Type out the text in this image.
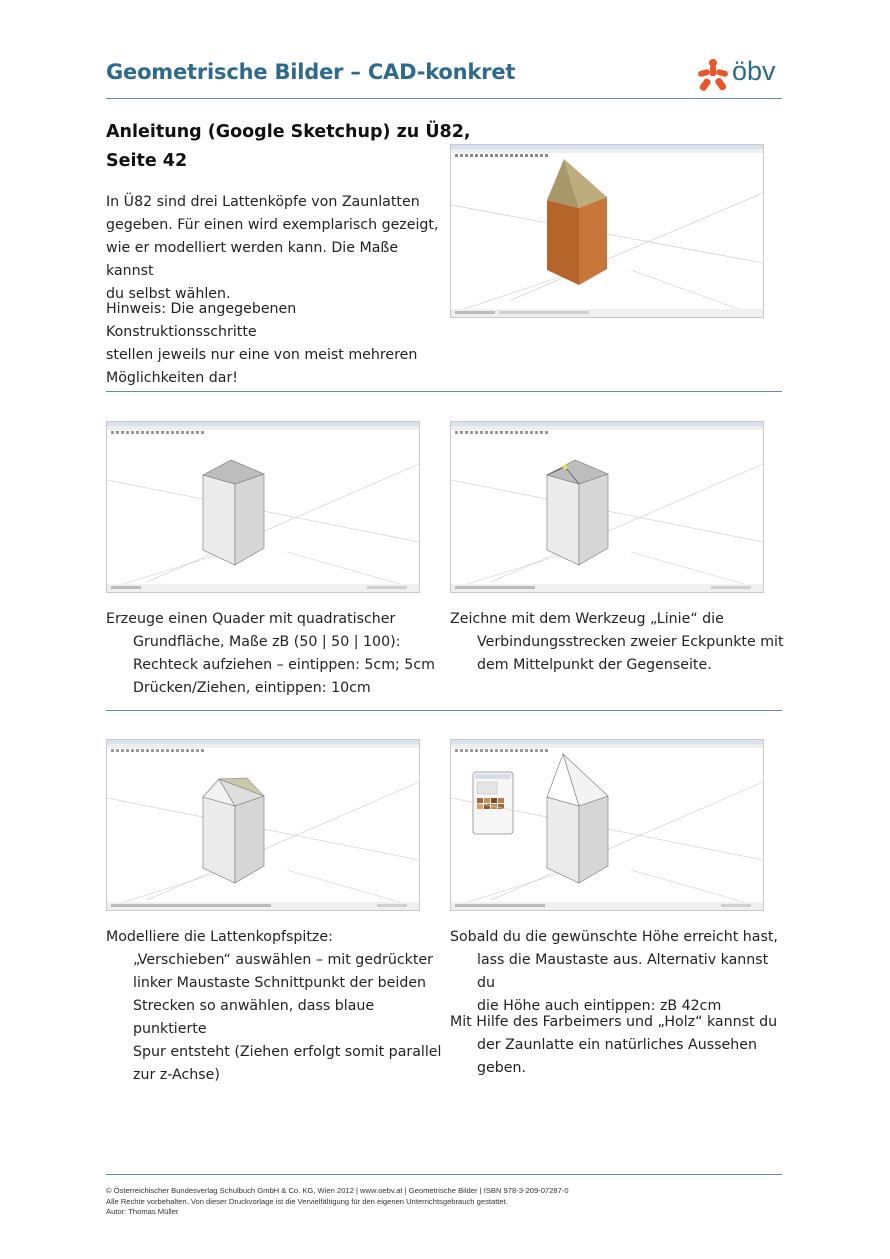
Geometrische Bilder – CAD-konkret	öbv
Anleitung (Google Sketchup) zu Ü82,
Seite 42
In Ü82 sind drei Lattenköpfe von Zaunlatten
gegeben. Für einen wird exemplarisch gezeigt,
wie er modelliert werden kann. Die Maße kannst
du selbst wählen.
Hinweis: Die angegebenen Konstruktionsschritte
stellen jeweils nur eine von meist mehreren
Möglichkeiten dar!
Erzeuge einen Quader mit quadratischer
Grundfläche, Maße zB (50 | 50 | 100):
Rechteck aufziehen – eintippen: 5cm; 5cm
Drücken/Ziehen, eintippen: 10cm
Zeichne mit dem Werkzeug „Linie“ die
Verbindungsstrecken zweier Eckpunkte mit
dem Mittelpunkt der Gegenseite.
Modelliere die Lattenkopfspitze:
„Verschieben“ auswählen – mit gedrückter
linker Maustaste Schnittpunkt der beiden
Strecken so anwählen, dass blaue punktierte
Spur entsteht (Ziehen erfolgt somit parallel
zur z-Achse)
Sobald du die gewünschte Höhe erreicht hast,
lass die Maustaste aus. Alternativ kannst du
die Höhe auch eintippen: zB 42cm
Mit Hilfe des Farbeimers und „Holz“ kannst du
der Zaunlatte ein natürliches Aussehen
geben.
© Österreichischer Bundesverlag Schulbuch GmbH & Co. KG, Wien 2012 | www.oebv.at | Geometrische Bilder | ISBN 978-3-209-07287-0
Alle Rechte vorbehalten. Von dieser Druckvorlage ist die Vervielfältigung für den eigenen Unterrichtsgebrauch gestattet.
Autor: Thomas Müller
